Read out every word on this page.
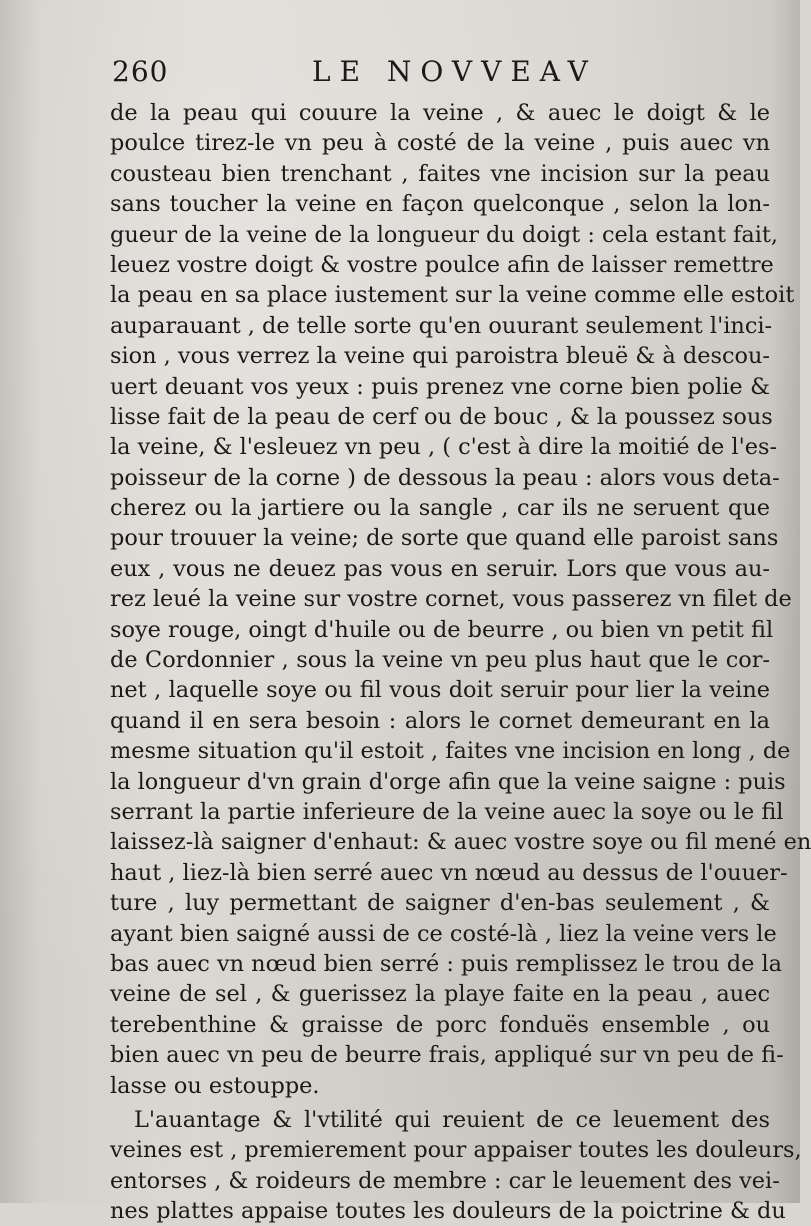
260	LE NOVVEAV
de la peau qui couure la veine , & auec le doigt & le
poulce tirez-le vn peu à costé de la veine , puis auec vn
cousteau bien trenchant , faites vne incision sur la peau
sans toucher la veine en façon quelconque , selon la lon-
gueur de la veine de la longueur du doigt : cela estant fait,
leuez vostre doigt & vostre poulce afin de laisser remettre
la peau en sa place iustement sur la veine comme elle estoit
auparauant , de telle sorte qu'en ouurant seulement l'inci-
sion , vous verrez la veine qui paroistra bleuë & à descou-
uert deuant vos yeux : puis prenez vne corne bien polie &
lisse fait de la peau de cerf ou de bouc , & la poussez sous
la veine, & l'esleuez vn peu , ( c'est à dire la moitié de l'es-
poisseur de la corne ) de dessous la peau : alors vous deta-
cherez ou la jartiere ou la sangle , car ils ne seruent que
pour trouuer la veine; de sorte que quand elle paroist sans
eux , vous ne deuez pas vous en seruir. Lors que vous au-
rez leué la veine sur vostre cornet, vous passerez vn filet de
soye rouge, oingt d'huile ou de beurre , ou bien vn petit fil
de Cordonnier , sous la veine vn peu plus haut que le cor-
net , laquelle soye ou fil vous doit seruir pour lier la veine
quand il en sera besoin : alors le cornet demeurant en la
mesme situation qu'il estoit , faites vne incision en long , de
la longueur d'vn grain d'orge afin que la veine saigne : puis
serrant la partie inferieure de la veine auec la soye ou le fil
laissez-là saigner d'enhaut: & auec vostre soye ou fil mené en
haut , liez-là bien serré auec vn nœud au dessus de l'ouuer-
ture , luy permettant de saigner d'en-bas seulement , &
ayant bien saigné aussi de ce costé-là , liez la veine vers le
bas auec vn nœud bien serré : puis remplissez le trou de la
veine de sel , & guerissez la playe faite en la peau , auec
terebenthine & graisse de porc fonduës ensemble , ou
bien auec vn peu de beurre frais, appliqué sur vn peu de fi-
lasse ou estouppe.
L'auantage & l'vtilité qui reuient de ce leuement des
veines est , premierement pour appaiser toutes les douleurs,
entorses , & roideurs de membre : car le leuement des vei-
nes plattes appaise toutes les douleurs de la poictrine & du
